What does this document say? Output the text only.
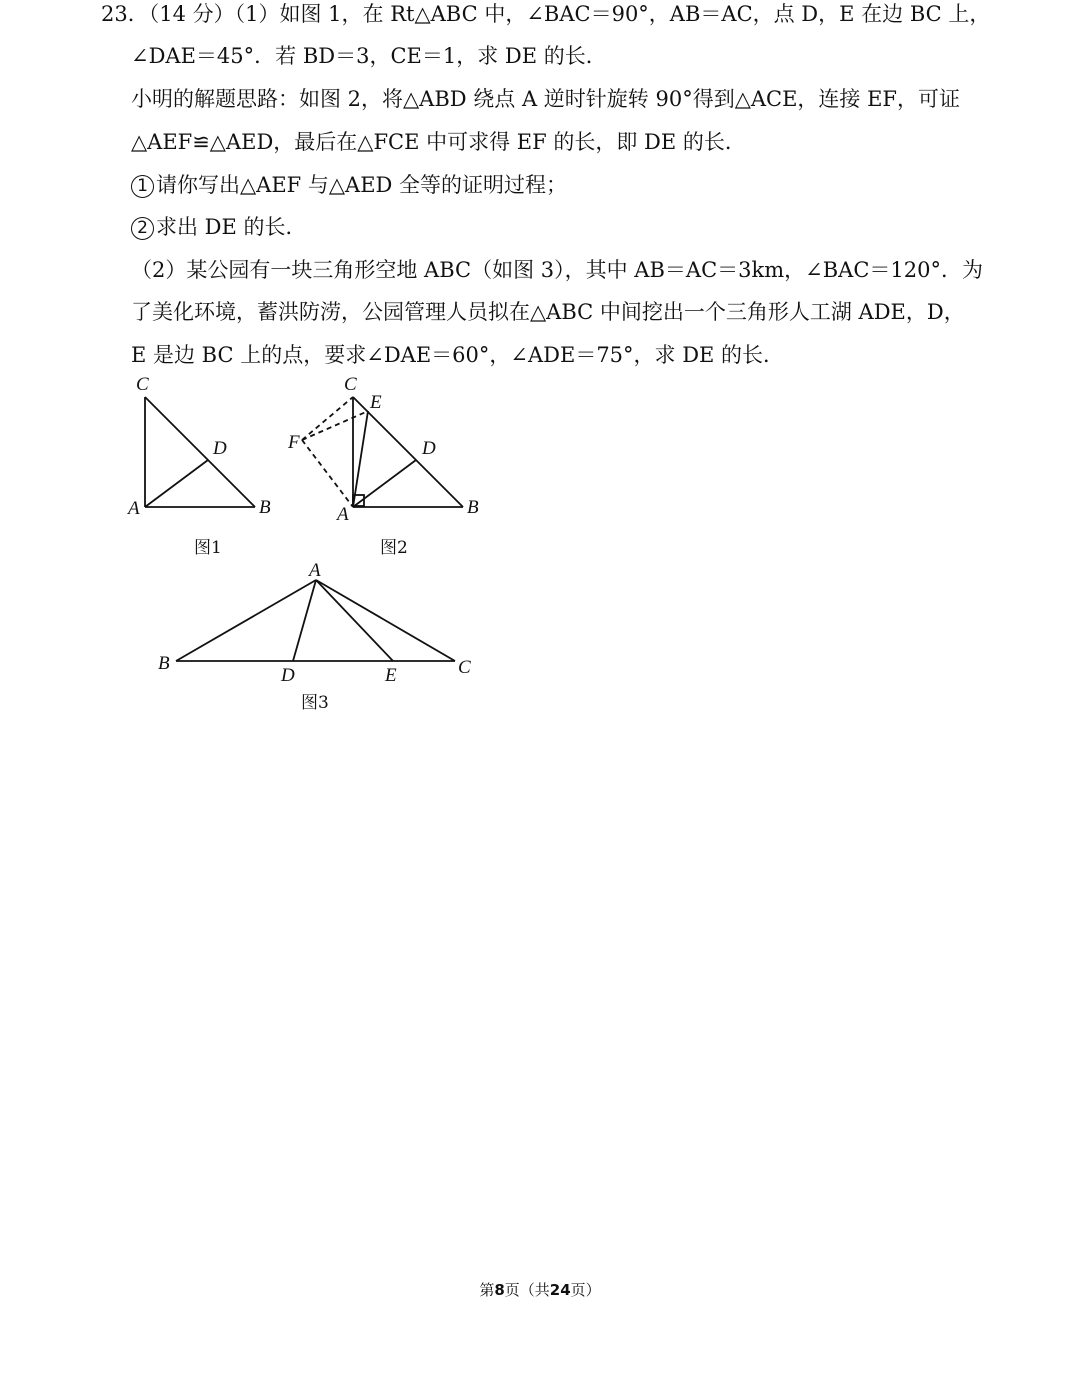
23．（14 分）（1）如图 1，在 Rt△ABC 中，∠BAC＝90°，AB＝AC，点 D，E 在边 BC 上，
∠DAE＝45°．若 BD＝3，CE＝1，求 DE 的长．
小明的解题思路：如图 2，将△ABD 绕点 A 逆时针旋转 90°得到△ACE，连接 EF，可证
△AEF≌△AED，最后在△FCE 中可求得 EF 的长，即 DE 的长．
1 请你写出△AEF 与△AED 全等的证明过程；
2 求出 DE 的长．
（2）某公园有一块三角形空地 ABC（如图 3），其中 AB＝AC＝3km，∠BAC＝120°．为
了美化环境，蓄洪防涝，公园管理人员拟在△ABC 中间挖出一个三角形人工湖 ADE，D，
E 是边 BC 上的点，要求∠DAE＝60°，∠ADE＝75°，求 DE 的长．
C
D
A	B
图1
C
E
F	D
A	B
图2
A
B
D	E	C
图3
第8页（共24页）
